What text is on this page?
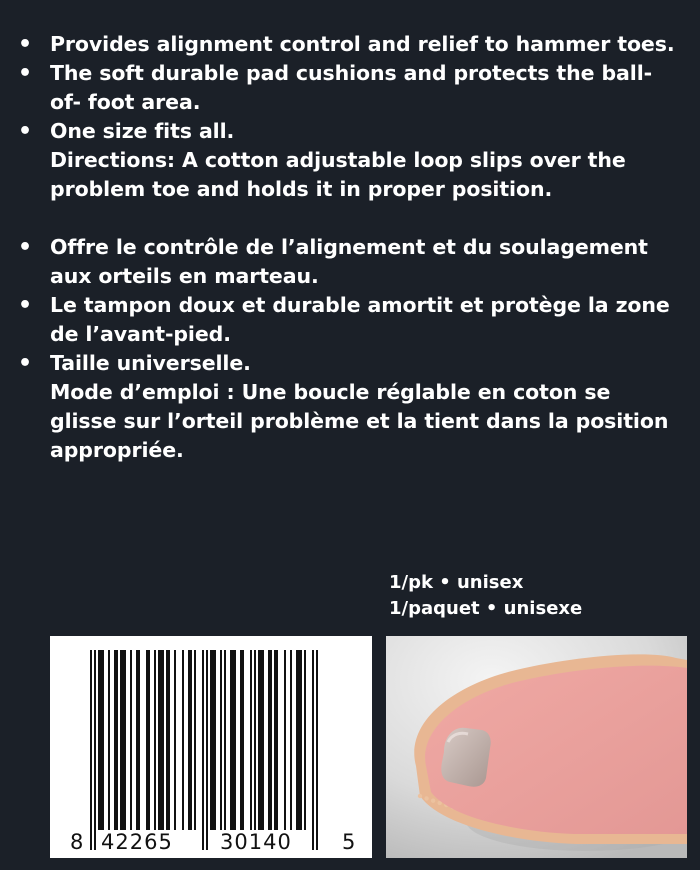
• Provides alignment control and relief to hammer toes.
• The soft durable pad cushions and protects the ball-
of- foot area.
• One size fits all.
Directions: A cotton adjustable loop slips over the
problem toe and holds it in proper position.
• Offre le contrôle de l’alignement et du soulagement
aux orteils en marteau.
• Le tampon doux et durable amortit et protège la zone
de l’avant-pied.
• Taille universelle.
Mode d’emploi : Une boucle réglable en coton se
glisse sur l’orteil problème et la tient dans la position
appropriée.
1/pk • unisex
1/paquet • unisexe
8 42265 30140 5
